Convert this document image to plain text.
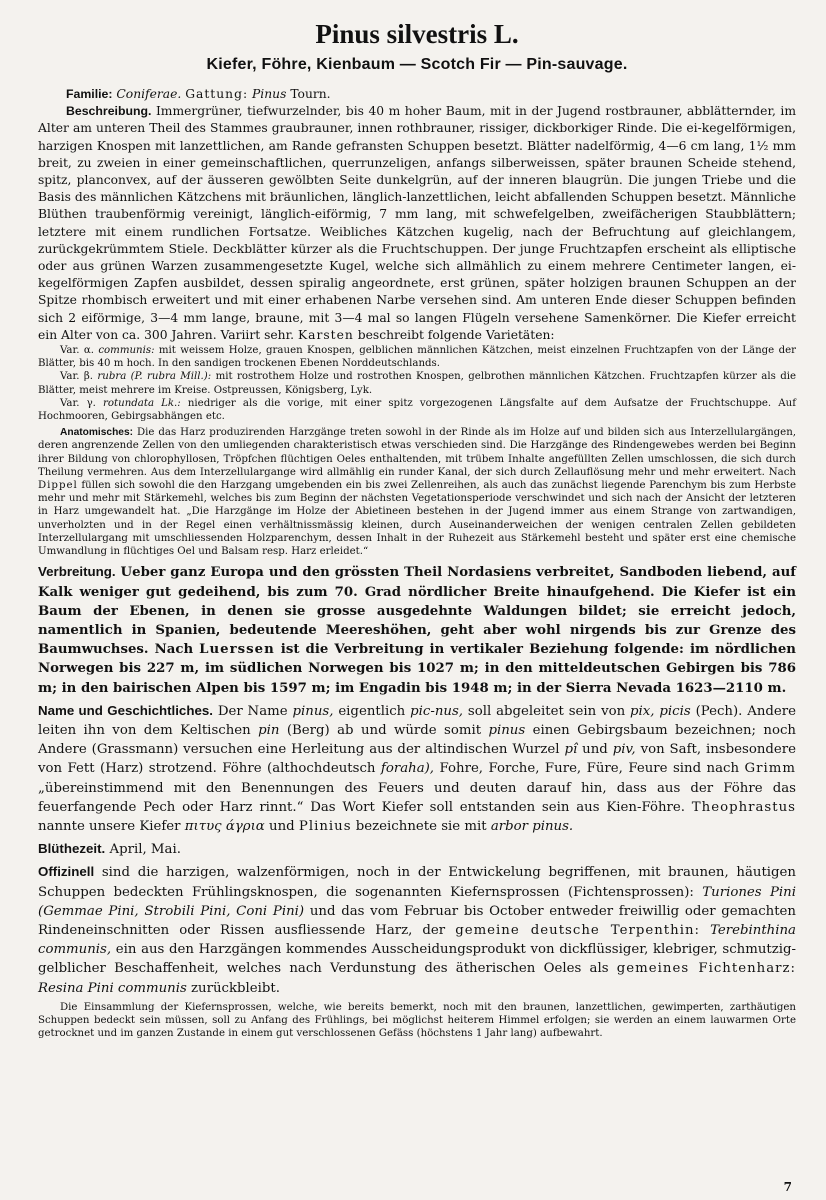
Pinus silvestris L.
Kiefer, Föhre, Kienbaum — Scotch Fir — Pin-sauvage.

Familie: Coniferae. Gattung: Pinus Tourn.

Beschreibung. Immergrüner, tiefwurzelnder, bis 40 m hoher Baum, mit in der Jugend rostbrauner, abblätternder, im Alter am unteren Theil des Stammes graubrauner, innen rothbrauner, rissiger, dickborkiger Rinde. Die ei-kegelförmigen, harzigen Knospen mit lanzettlichen, am Rande gefransten Schuppen besetzt. Blätter nadelförmig, 4—6 cm lang, 1½ mm breit, zu zweien in einer gemeinschaftlichen, querrunzeligen, anfangs silberweissen, später braunen Scheide stehend, spitz, planconvex, auf der äusseren gewölbten Seite dunkelgrün, auf der inneren blaugrün. Die jungen Triebe und die Basis des männlichen Kätzchens mit bräunlichen, länglich-lanzettlichen, leicht abfallenden Schuppen besetzt. Männliche Blüthen traubenförmig vereinigt, länglich-eiförmig, 7 mm lang, mit schwefelgelben, zweifächerigen Staubblättern; letztere mit einem rundlichen Fortsatze. Weibliches Kätzchen kugelig, nach der Befruchtung auf gleichlangem, zurückgekrümmtem Stiele. Deckblätter kürzer als die Fruchtschuppen. Der junge Fruchtzapfen erscheint als elliptische oder aus grünen Warzen zusammengesetzte Kugel, welche sich allmählich zu einem mehrere Centimeter langen, ei-kegelförmigen Zapfen ausbildet, dessen spiralig angeordnete, erst grünen, später holzigen braunen Schuppen an der Spitze rhombisch erweitert und mit einer erhabenen Narbe versehen sind. Am unteren Ende dieser Schuppen befinden sich 2 eiförmige, 3—4 mm lange, braune, mit 3—4 mal so langen Flügeln versehene Samenkörner. Die Kiefer erreicht ein Alter von ca. 300 Jahren. Variirt sehr. Karsten beschreibt folgende Varietäten:

Var. α. communis: mit weissem Holze, grauen Knospen, gelblichen männlichen Kätzchen, meist einzelnen Fruchtzapfen von der Länge der Blätter, bis 40 m hoch. In den sandigen trockenen Ebenen Norddeutschlands.

Var. β. rubra (P. rubra Mill.): mit rostrothem Holze und rostrothen Knospen, gelbrothen männlichen Kätzchen. Fruchtzapfen kürzer als die Blätter, meist mehrere im Kreise. Ostpreussen, Königsberg, Lyk.

Var. γ. rotundata Lk.: niedriger als die vorige, mit einer spitz vorgezogenen Längsfalte auf dem Aufsatze der Fruchtschuppe. Auf Hochmooren, Gebirgsabhängen etc.

Anatomisches: Die das Harz produzirenden Harzgänge treten sowohl in der Rinde als im Holze auf und bilden sich aus Interzellulargängen, deren angrenzende Zellen von den umliegenden charakteristisch etwas verschieden sind. Die Harzgänge des Rindengewebes werden bei Beginn ihrer Bildung von chlorophyllosen, Tröpfchen flüchtigen Oeles enthaltenden, mit trübem Inhalte angefüllten Zellen umschlossen, die sich durch Theilung vermehren. Aus dem Interzellulargange wird allmählig ein runder Kanal, der sich durch Zellauflösung mehr und mehr erweitert. Nach Dippel füllen sich sowohl die den Harzgang umgebenden ein bis zwei Zellenreihen, als auch das zunächst liegende Parenchym bis zum Herbste mehr und mehr mit Stärkemehl, welches bis zum Beginn der nächsten Vegetationsperiode verschwindet und sich nach der Ansicht der letzteren in Harz umgewandelt hat. „Die Harzgänge im Holze der Abietineen bestehen in der Jugend immer aus einem Strange von zartwandigen, unverholzten und in der Regel einen verhältnissmässig kleinen, durch Auseinanderweichen der wenigen centralen Zellen gebildeten Interzellulargang mit umschliessenden Holzparenchym, dessen Inhalt in der Ruhezeit aus Stärkemehl besteht und später erst eine chemische Umwandlung in flüchtiges Oel und Balsam resp. Harz erleidet.“

Verbreitung. Ueber ganz Europa und den grössten Theil Nordasiens verbreitet, Sandboden liebend, auf Kalk weniger gut gedeihend, bis zum 70. Grad nördlicher Breite hinaufgehend. Die Kiefer ist ein Baum der Ebenen, in denen sie grosse ausgedehnte Waldungen bildet; sie erreicht jedoch, namentlich in Spanien, bedeutende Meereshöhen, geht aber wohl nirgends bis zur Grenze des Baumwuchses. Nach Luerssen ist die Verbreitung in vertikaler Beziehung folgende: im nördlichen Norwegen bis 227 m, im südlichen Norwegen bis 1027 m; in den mitteldeutschen Gebirgen bis 786 m; in den bairischen Alpen bis 1597 m; im Engadin bis 1948 m; in der Sierra Nevada 1623—2110 m.

Name und Geschichtliches. Der Name pinus, eigentlich pic-nus, soll abgeleitet sein von pix, picis (Pech). Andere leiten ihn von dem Keltischen pin (Berg) ab und würde somit pinus einen Gebirgsbaum bezeichnen; noch Andere (Grassmann) versuchen eine Herleitung aus der altindischen Wurzel pî und piv, von Saft, insbesondere von Fett (Harz) strotzend. Föhre (althochdeutsch foraha), Fohre, Forche, Fure, Füre, Feure sind nach Grimm „übereinstimmend mit den Benennungen des Feuers und deuten darauf hin, dass aus der Föhre das feuerfangende Pech oder Harz rinnt.“ Das Wort Kiefer soll entstanden sein aus Kien-Föhre. Theophrastus nannte unsere Kiefer πιτυς άγρια und Plinius bezeichnete sie mit arbor pinus.

Blüthezeit. April, Mai.

Offizinell sind die harzigen, walzenförmigen, noch in der Entwickelung begriffenen, mit braunen, häutigen Schuppen bedeckten Frühlingsknospen, die sogenannten Kiefernsprossen (Fichtensprossen): Turiones Pini (Gemmae Pini, Strobili Pini, Coni Pini) und das vom Februar bis October entweder freiwillig oder gemachten Rindeneinschnitten oder Rissen ausfliessende Harz, der gemeine deutsche Terpenthin: Terebinthina communis, ein aus den Harzgängen kommendes Ausscheidungsprodukt von dickflüssiger, klebriger, schmutzig-gelblicher Beschaffenheit, welches nach Verdunstung des ätherischen Oeles als gemeines Fichtenharz: Resina Pini communis zurückbleibt.

Die Einsammlung der Kiefernsprossen, welche, wie bereits bemerkt, noch mit den braunen, lanzettlichen, gewimperten, zarthäutigen Schuppen bedeckt sein müssen, soll zu Anfang des Frühlings, bei möglichst heiterem Himmel erfolgen; sie werden an einem lauwarmen Orte getrocknet und im ganzen Zustande in einem gut verschlossenen Gefäss (höchstens 1 Jahr lang) aufbewahrt.

7
